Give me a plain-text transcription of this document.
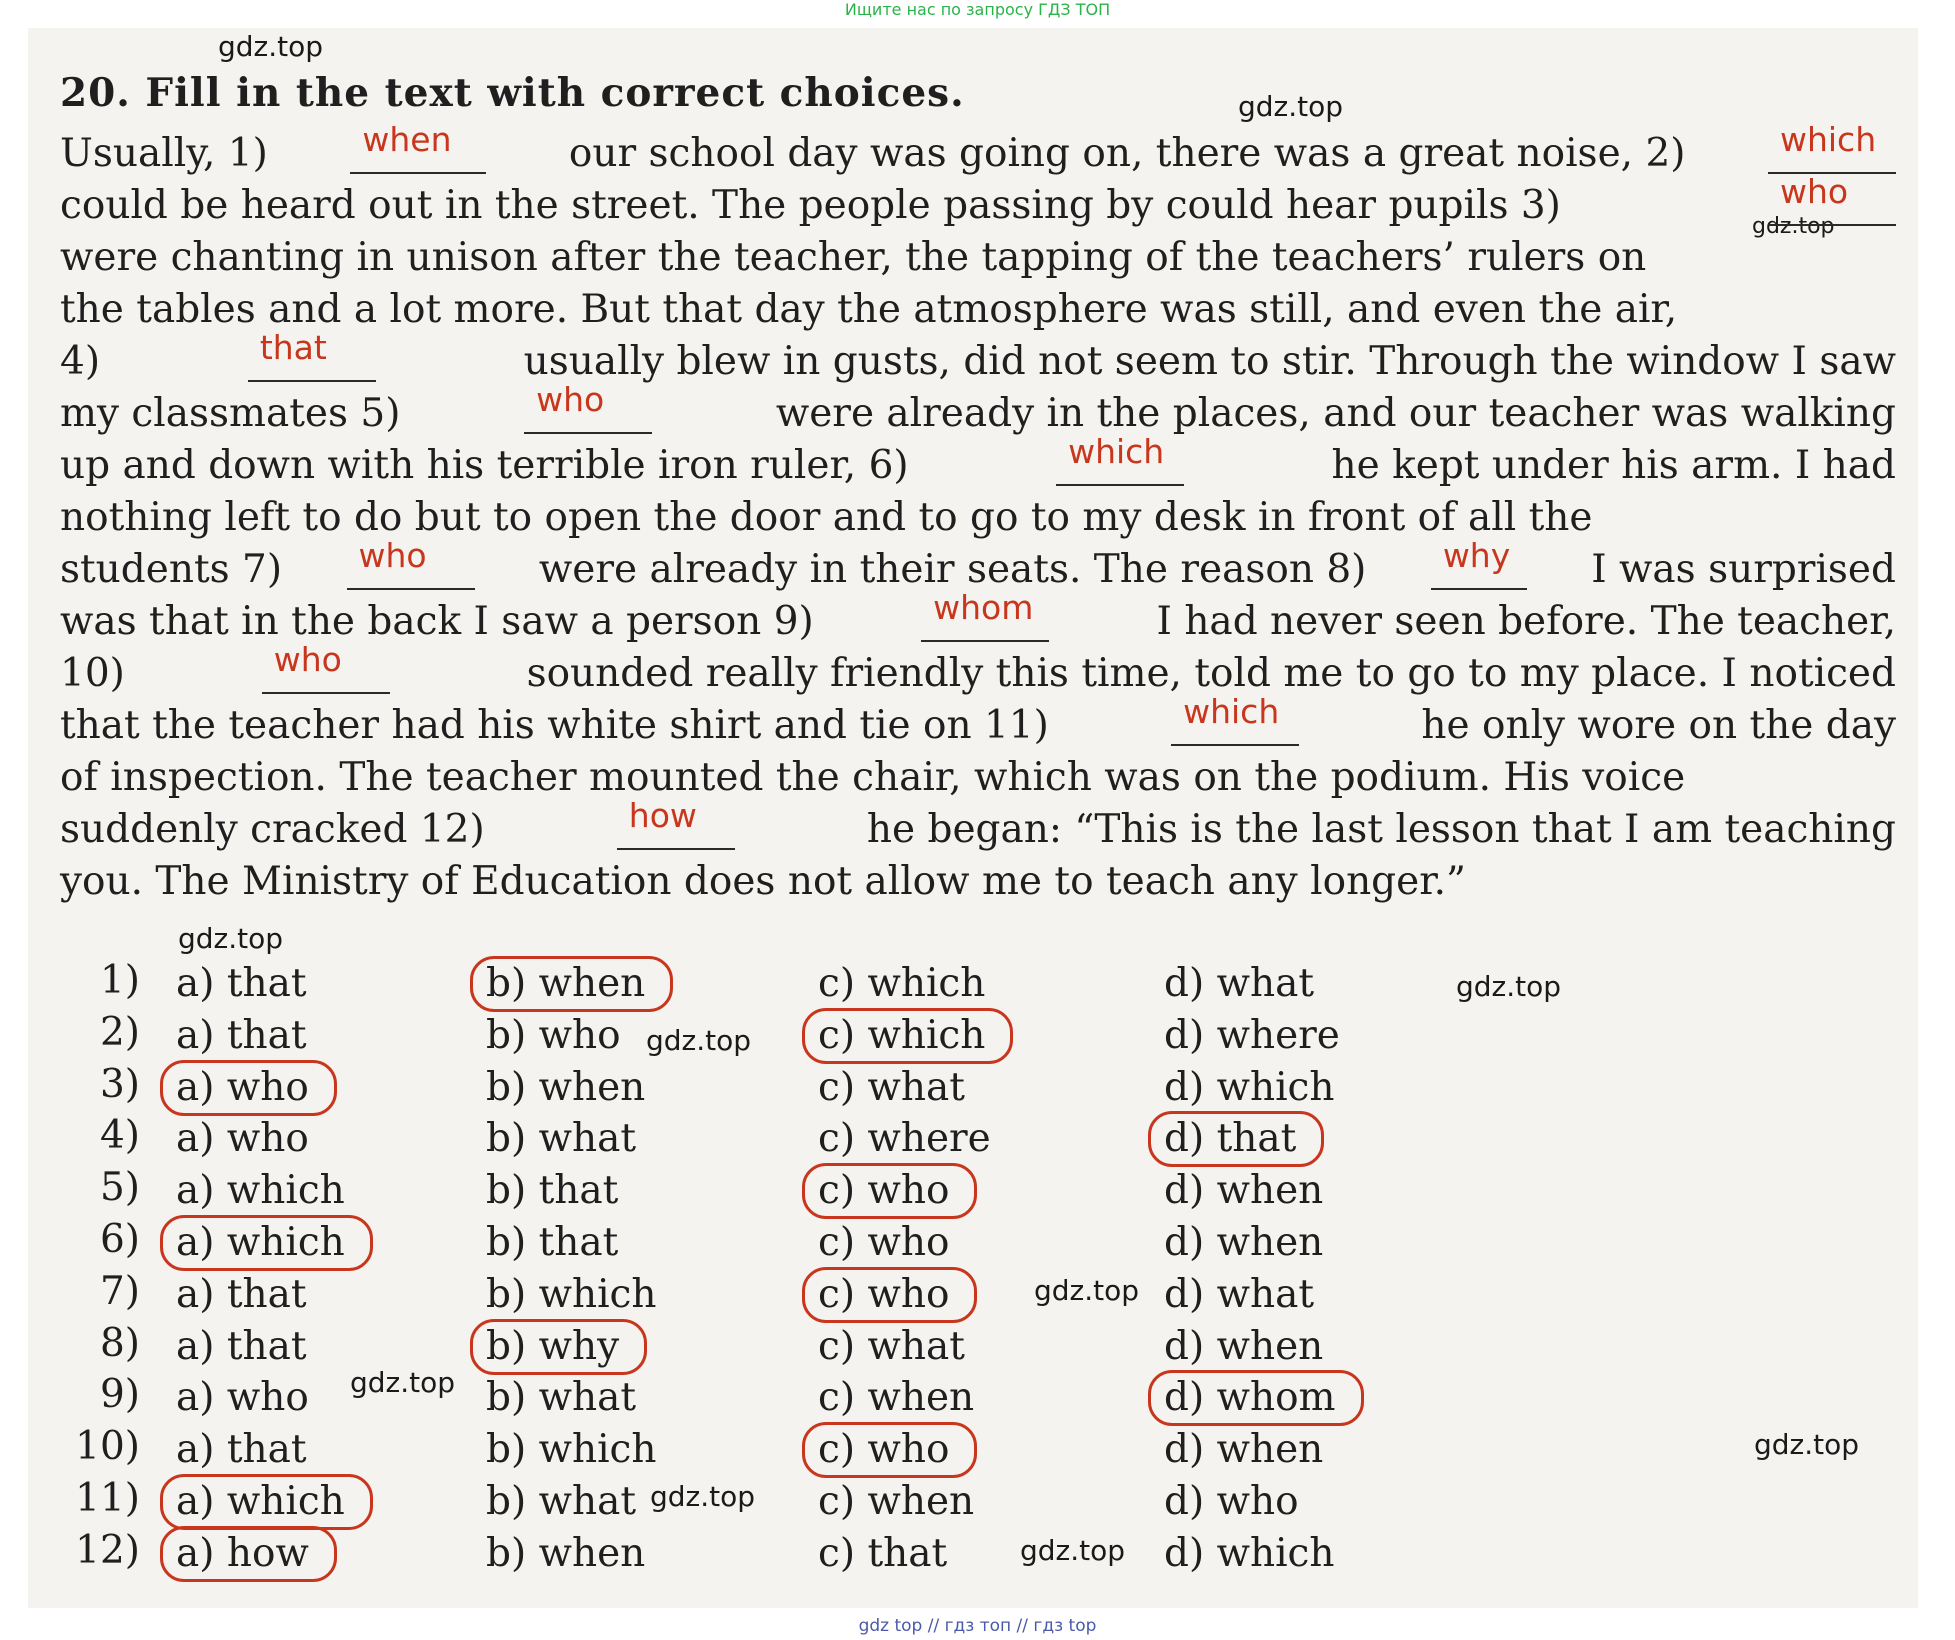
Ищите нас по запросу ГДЗ ТОП
gdz.top
gdz.top
gdz.top
gdz.top
gdz.top
gdz.top
gdz.top
gdz.top
gdz.top
gdz.top
gdz.top
20. Fill in the text with correct choices.
Usually, 1)	when	our school day was going on, there was a great noise, 2)	which
could be heard out in the street. The people passing by could hear pupils 3)	who
were chanting in unison after the teacher, the tapping of the teachers’ rulers on
the tables and a lot more. But that day the atmosphere was still, and even the air,
4)	that	usually blew in gusts, did not seem to stir. Through the window I saw
my classmates 5)	who	were already in the places, and our teacher was walking
up and down with his terrible iron ruler, 6)	which	he kept under his arm. I had
nothing left to do but to open the door and to go to my desk in front of all the
students 7) who	were already in their seats. The reason 8) why I was surprised
was that in the back I saw a person 9)	whom	I had never seen before. The teacher,
10)	who	sounded really friendly this time, told me to go to my place. I noticed
that the teacher had his white shirt and tie on 11)	which	he only wore on the day
of inspection. The teacher mounted the chair, which was on the podium. His voice
suddenly cracked 12)	how	he began: “This is the last lesson that I am teaching
you. The Ministry of Education does not allow me to teach any longer.”
1) a) that	b) when	c) which	d) what
2) a) that	b) who	c) which	d) where
3) a) who	b) when	c) what	d) which
4) a) who	b) what	c) where	d) that
5) a) which	b) that	c) who	d) when
6) a) which	b) that	c) who	d) when
7) a) that	b) which	c) who	d) what
8) a) that	b) why	c) what	d) when
9) a) who	b) what	c) when	d) whom
10) a) that	b) which	c) who	d) when
11) a) which	b) what	c) when	d) who
12) a) how	b) when	c) that	d) which
gdz top // гдз топ // гдз top
